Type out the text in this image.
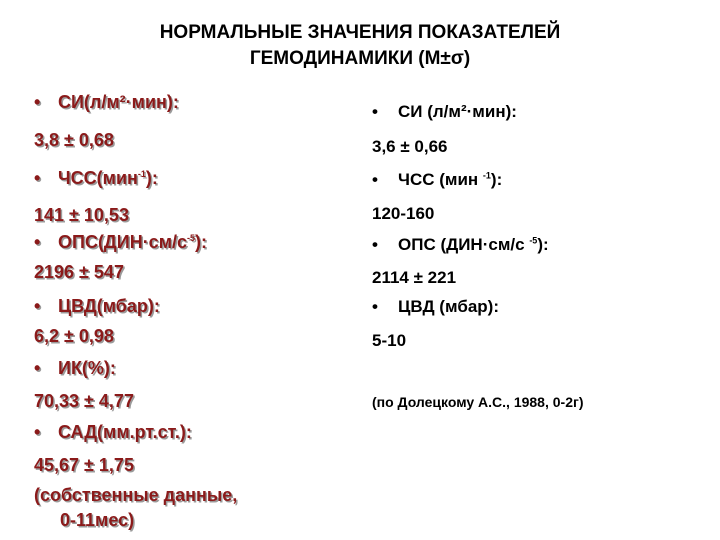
НОРМАЛЬНЫЕ ЗНАЧЕНИЯ ПОКАЗАТЕЛЕЙ
ГЕМОДИНАМИКИ (М±σ)
• СИ(л/м²·мин):
3,8 ± 0,68
• ЧСС(мин$^{-1}$):
141 ± 10,53
• $ОПС(ДИН\cdot см/с^{-5})$:
2196 ± 547
• ЦВД(мбар):
6,2 ± 0,98
• ИК(%):
70,33 ± 4,77
• САД(мм.рт.ст.):
45,67 ± 1,75
(собственные данные,
0-11мес)
• СИ (л/м²·мин):
3,6 ± 0,66
• ЧСС (мин $^{-1}$):
120-160
• ОПС (ДИН·см/с $^{-5}$):
2114 ± 221
• ЦВД (мбар):
5-10
(по Долецкому А.С., 1988, 0-2г)
